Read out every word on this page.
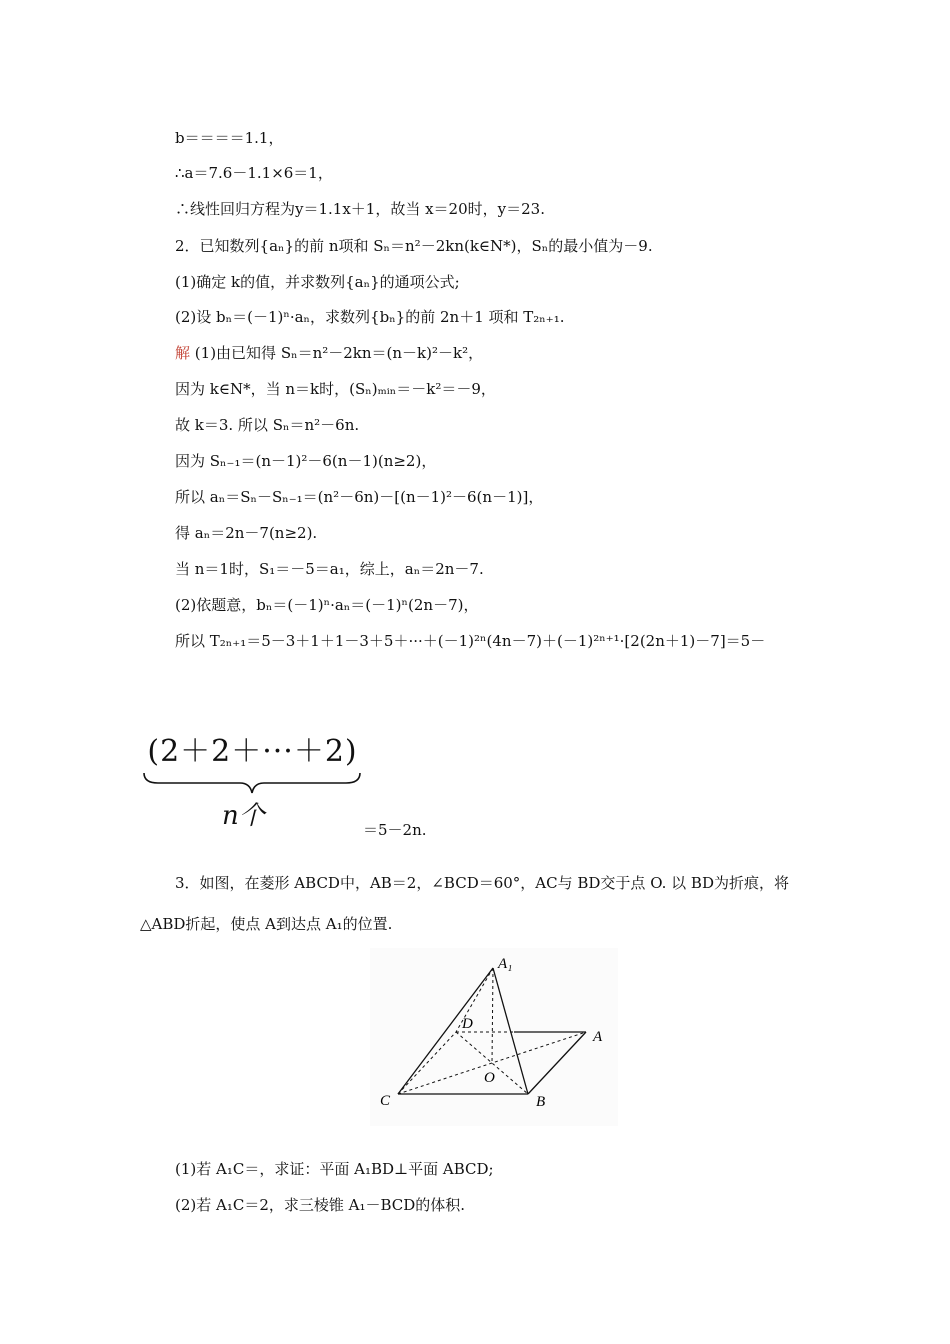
b＝＝＝＝1.1，
∴a＝7.6－1.1×6＝1，
∴线性回归方程为y＝1.1x＋1，故当 x＝20时，y＝23.
2．已知数列{aₙ}的前 n项和 Sₙ＝n²－2kn(k∈N*)，Sₙ的最小值为－9.
(1)确定 k的值，并求数列{aₙ}的通项公式;
(2)设 bₙ＝(－1)ⁿ·aₙ，求数列{bₙ}的前 2n＋1 项和 T₂ₙ₊₁.
解 (1)由已知得 Sₙ＝n²－2kn＝(n－k)²－k²，
因为 k∈N*，当 n＝k时，(Sₙ)ₘᵢₙ＝－k²＝－9，
故 k＝3. 所以 Sₙ＝n²－6n.
因为 Sₙ₋₁＝(n－1)²－6(n－1)(n≥2)，
所以 aₙ＝Sₙ－Sₙ₋₁＝(n²－6n)－[(n－1)²－6(n－1)]，
得 aₙ＝2n－7(n≥2).
当 n＝1时，S₁＝－5＝a₁，综上，aₙ＝2n－7.
(2)依题意，bₙ＝(－1)ⁿ·aₙ＝(－1)ⁿ(2n－7)，
所以 T₂ₙ₊₁＝5－3＋1＋1－3＋5＋···＋(－1)²ⁿ(4n－7)＋(－1)²ⁿ⁺¹·[2(2n＋1)－7]＝5－
(2＋2＋···＋2)
n个	＝5－2n.
3．如图，在菱形 ABCD中，AB＝2，∠BCD＝60°，AC与 BD交于点 O. 以 BD为折痕，将
△ABD折起，使点 A到达点 A₁的位置.
A₁
D
A
O
C	B
(1)若 A₁C＝，求证：平面 A₁BD⊥平面 ABCD;
(2)若 A₁C＝2，求三棱锥 A₁－BCD的体积.
